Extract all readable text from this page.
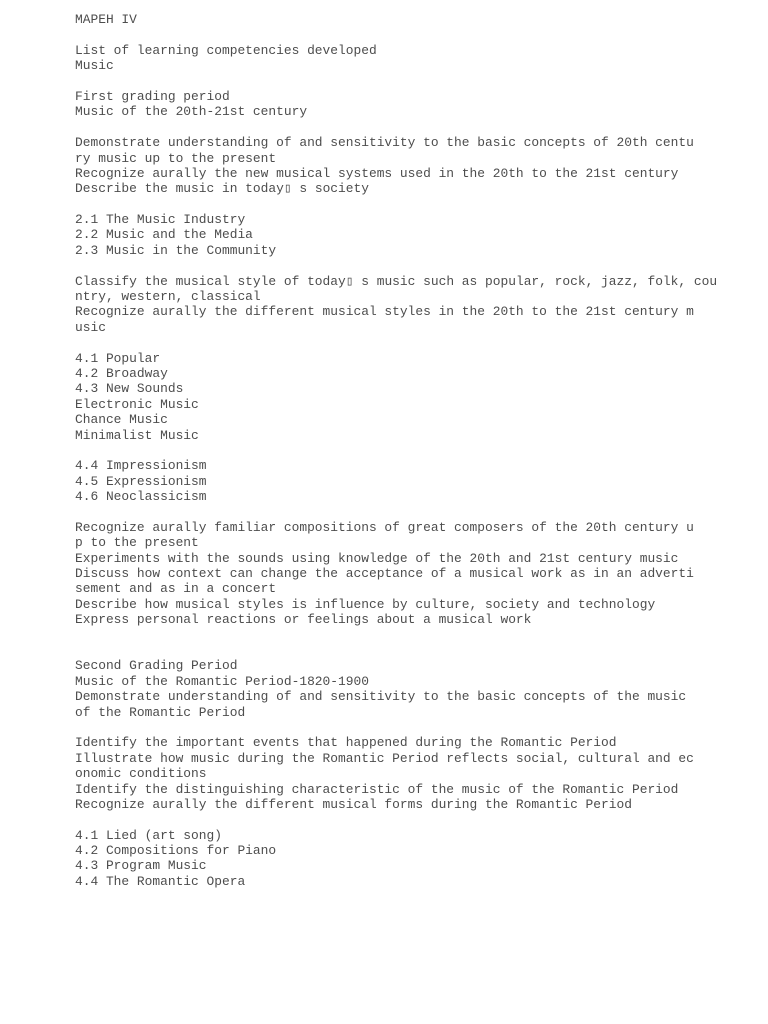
MAPEH IV
List of learning competencies developed
Music
First grading period
Music of the 20th-21st century
Demonstrate understanding of and sensitivity to the basic concepts of 20th centu
ry music up to the present
Recognize aurally the new musical systems used in the 20th to the 21st century
Describe the music in today▯ s society
2.1 The Music Industry
2.2 Music and the Media
2.3 Music in the Community
Classify the musical style of today▯ s music such as popular, rock, jazz, folk, cou
ntry, western, classical
Recognize aurally the different musical styles in the 20th to the 21st century m
usic
4.1 Popular
4.2 Broadway
4.3 New Sounds
Electronic Music
Chance Music
Minimalist Music
4.4 Impressionism
4.5 Expressionism
4.6 Neoclassicism
Recognize aurally familiar compositions of great composers of the 20th century u
p to the present
Experiments with the sounds using knowledge of the 20th and 21st century music
Discuss how context can change the acceptance of a musical work as in an adverti
sement and as in a concert
Describe how musical styles is influence by culture, society and technology
Express personal reactions or feelings about a musical work
Second Grading Period
Music of the Romantic Period-1820-1900
Demonstrate understanding of and sensitivity to the basic concepts of the music
of the Romantic Period
Identify the important events that happened during the Romantic Period
Illustrate how music during the Romantic Period reflects social, cultural and ec
onomic conditions
Identify the distinguishing characteristic of the music of the Romantic Period
Recognize aurally the different musical forms during the Romantic Period
4.1 Lied (art song)
4.2 Compositions for Piano
4.3 Program Music
4.4 The Romantic Opera
